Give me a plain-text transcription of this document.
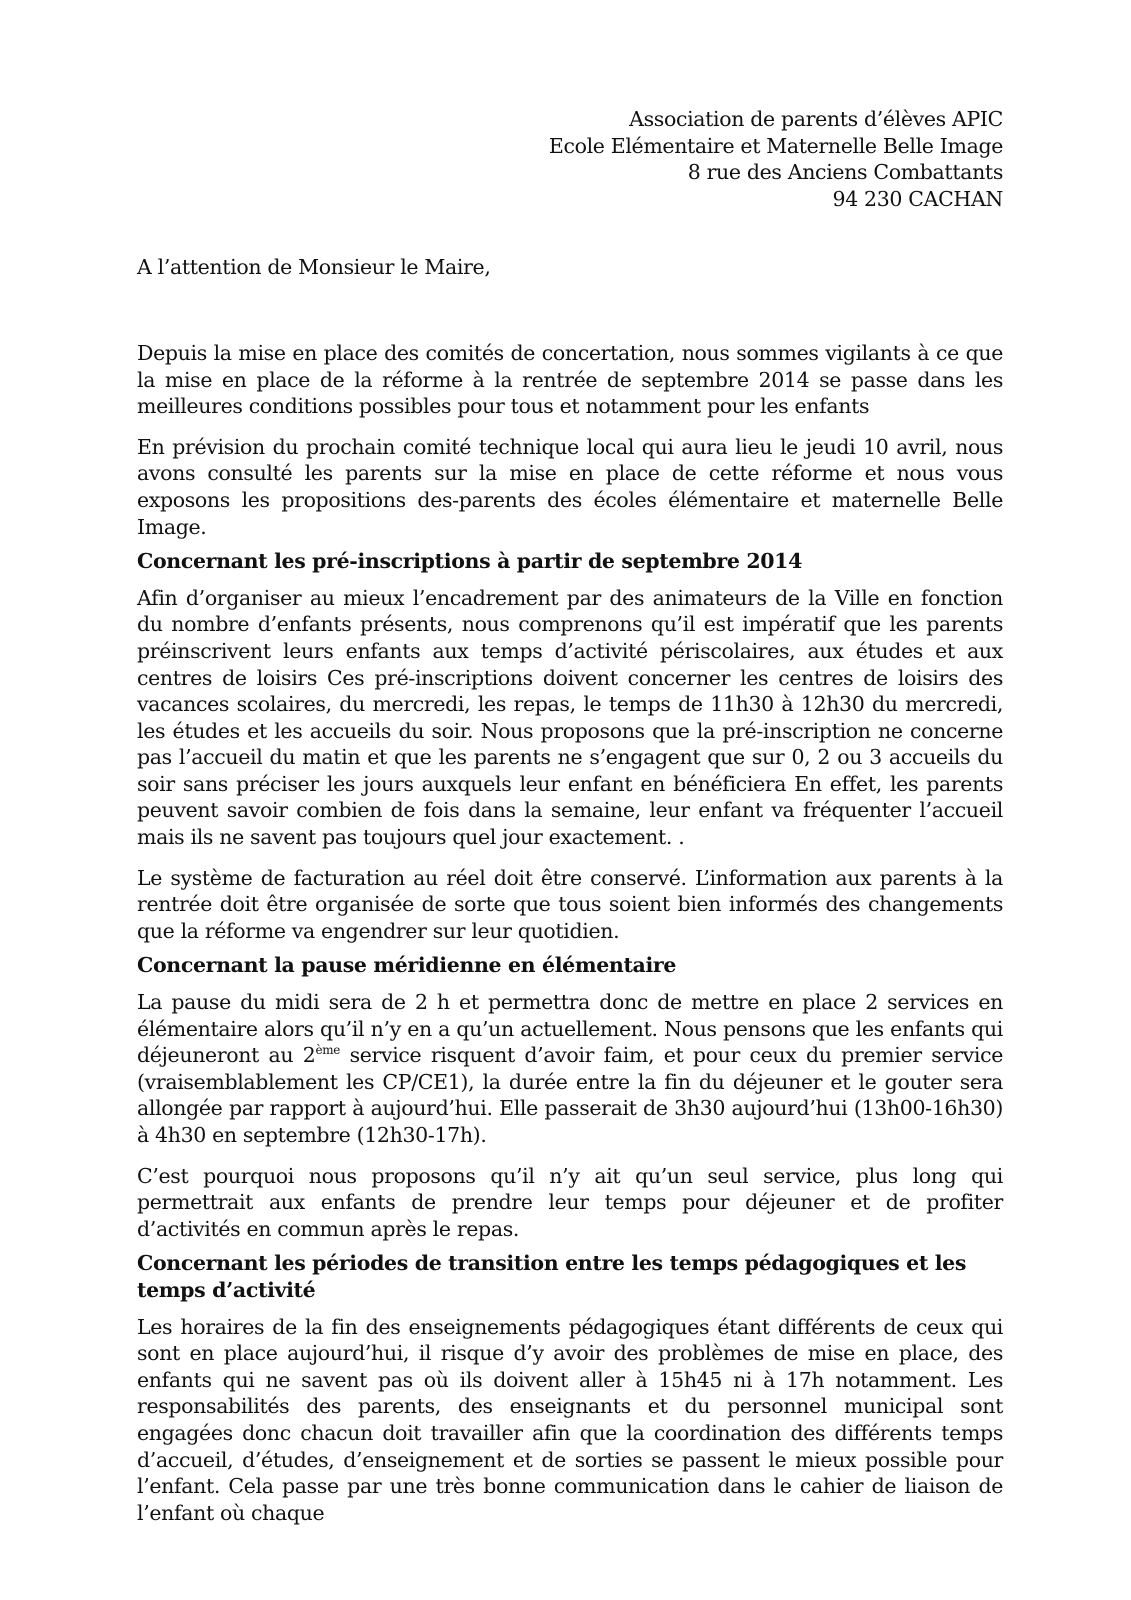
Association de parents d’élèves APIC
Ecole Elémentaire et Maternelle Belle Image
8 rue des Anciens Combattants
94 230 CACHAN

A l’attention de Monsieur le Maire,

Depuis la mise en place des comités de concertation, nous sommes vigilants à ce que la mise en place de la réforme à la rentrée de septembre 2014 se passe dans les meilleures conditions possibles pour tous et notamment pour les enfants

En prévision du prochain comité technique local qui aura lieu le jeudi 10 avril, nous avons consulté les parents sur la mise en place de cette réforme et nous vous exposons les propositions des-parents des écoles élémentaire et maternelle Belle Image.

Concernant les pré-inscriptions à partir de septembre 2014

Afin d’organiser au mieux l’encadrement par des animateurs de la Ville en fonction du nombre d’enfants présents, nous comprenons qu’il est impératif que les parents préinscrivent leurs enfants aux temps d’activité périscolaires, aux études et aux centres de loisirs Ces pré-inscriptions doivent concerner les centres de loisirs des vacances scolaires, du mercredi, les repas, le temps de 11h30 à 12h30 du mercredi, les études et les accueils du soir. Nous proposons que la pré-inscription ne concerne pas l’accueil du matin et que les parents ne s’engagent que sur 0, 2 ou 3 accueils du soir sans préciser les jours auxquels leur enfant en bénéficiera En effet, les parents peuvent savoir combien de fois dans la semaine, leur enfant va fréquenter l’accueil mais ils ne savent pas toujours quel jour exactement. .

Le système de facturation au réel doit être conservé. L’information aux parents à la rentrée doit être organisée de sorte que tous soient bien informés des changements que la réforme va engendrer sur leur quotidien.

Concernant la pause méridienne en élémentaire

La pause du midi sera de 2 h et permettra donc de mettre en place 2 services en élémentaire alors qu’il n’y en a qu’un actuellement. Nous pensons que les enfants qui déjeuneront au 2ème service risquent d’avoir faim, et pour ceux du premier service (vraisemblablement les CP/CE1), la durée entre la fin du déjeuner et le gouter sera allongée par rapport à aujourd’hui. Elle passerait de 3h30 aujourd’hui (13h00-16h30) à 4h30 en septembre (12h30-17h).

C’est pourquoi nous proposons qu’il n’y ait qu’un seul service, plus long qui permettrait aux enfants de prendre leur temps pour déjeuner et de profiter d’activités en commun après le repas.

Concernant les périodes de transition entre les temps pédagogiques et les temps d’activité

Les horaires de la fin des enseignements pédagogiques étant différents de ceux qui sont en place aujourd’hui, il risque d’y avoir des problèmes de mise en place, des enfants qui ne savent pas où ils doivent aller à 15h45 ni à 17h notamment. Les responsabilités des parents, des enseignants et du personnel municipal sont engagées donc chacun doit travailler afin que la coordination des différents temps d’accueil, d’études, d’enseignement et de sorties se passent le mieux possible pour l’enfant. Cela passe par une très bonne communication dans le cahier de liaison de l’enfant où chaque
